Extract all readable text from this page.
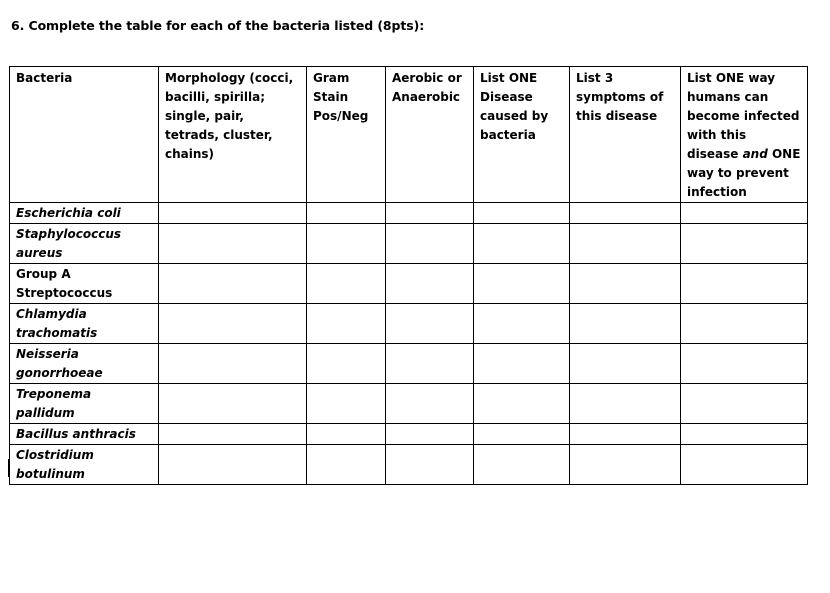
6. Complete the table for each of the bacteria listed (8pts):
Bacteria	Morphology (cocci, bacilli, spirilla; single, pair, tetrads, cluster, chains)	Gram Stain Pos/Neg	Aerobic or Anaerobic	List ONE Disease caused by bacteria	List 3 symptoms of this disease	List ONE way humans can become infected with this disease and ONE way to prevent infection
Escherichia coli						
Staphylococcus aureus						
Group A Streptococcus						
Chlamydia trachomatis						
Neisseria gonorrhoeae						
Treponema pallidum						
Bacillus anthracis						
Clostridium botulinum						
